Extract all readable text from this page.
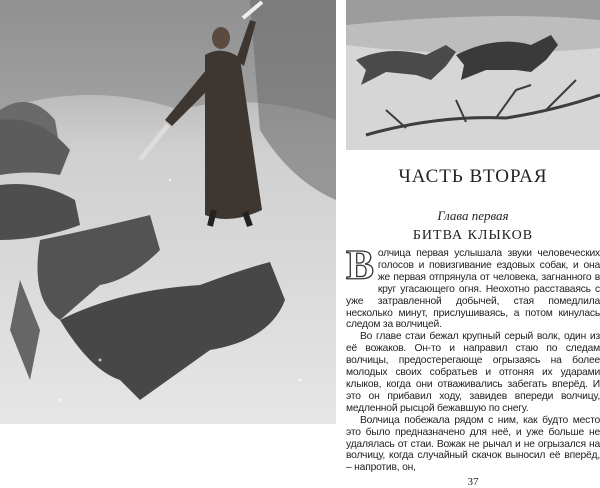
ЧАСТЬ ВТОРАЯ
Глава первая
БИТВА КЛЫКОВ

Волчица первая услышала звуки человеческих голосов и повизгивание ездовых собак, и она же первая отпрянула от человека, загнанного в круг угасающего огня. Неохотно расставаясь с уже затравленной добычей, стая помедлила несколько минут, прислушиваясь, а потом кинулась следом за волчицей.

Во главе стаи бежал крупный серый волк, один из её вожаков. Он-то и направил стаю по следам волчицы, предостерегающе огрызаясь на более молодых своих собратьев и отгоняя их ударами клыков, когда они отваживались забегать вперёд. И это он прибавил ходу, завидев впереди волчицу, медленной рысцой бежавшую по снегу.

Волчица побежала рядом с ним, как будто место это было предназначено для неё, и уже больше не удалялась от стаи. Вожак не рычал и не огрызался на волчицу, когда случайный скачок выносил её вперёд, – напротив, он,

37
